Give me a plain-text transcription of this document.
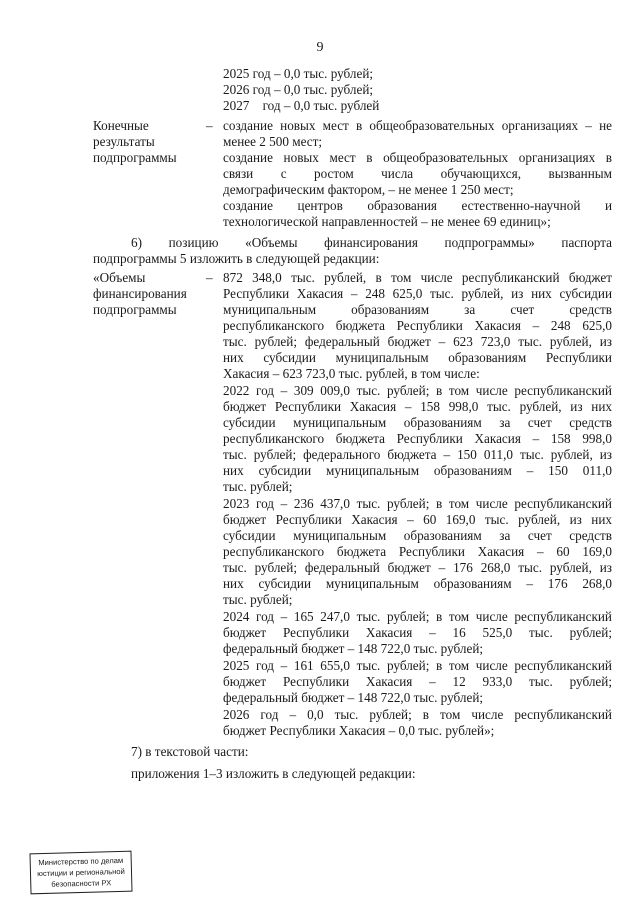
9
2025 год – 0,0 тыс. рублей;
2026 год – 0,0 тыс. рублей;
2027    год – 0,0 тыс. рублей
Конечные
результаты
подпрограммы
– создание новых мест в общеобразовательных организациях – не
менее 2 500 мест;
создание новых мест в общеобразовательных организациях в
связи с ростом числа обучающихся, вызванным
демографическим фактором, – не менее 1 250 мест;
создание центров образования естественно-научной и
технологической направленностей – не менее 69 единиц»;
6) позицию «Объемы финансирования подпрограммы» паспорта
подпрограммы 5 изложить в следующей редакции:
«Объемы
финансирования
подпрограммы
– 872 348,0 тыс. рублей, в том числе республиканский бюджет
Республики Хакасия – 248 625,0 тыс. рублей, из них субсидии
муниципальным образованиям за счет средств
республиканского бюджета Республики Хакасия – 248 625,0
тыс. рублей; федеральный бюджет – 623 723,0 тыс. рублей, из
них субсидии муниципальным образованиям Республики
Хакасия – 623 723,0 тыс. рублей, в том числе:
2022 год – 309 009,0 тыс. рублей; в том числе республиканский
бюджет Республики Хакасия – 158 998,0 тыс. рублей, из них
субсидии муниципальным образованиям за счет средств
республиканского бюджета Республики Хакасия – 158 998,0
тыс. рублей; федерального бюджета – 150 011,0 тыс. рублей, из
них субсидии муниципальным образованиям – 150 011,0
тыс. рублей;
2023 год – 236 437,0 тыс. рублей; в том числе республиканский
бюджет Республики Хакасия – 60 169,0 тыс. рублей, из них
субсидии муниципальным образованиям за счет средств
республиканского бюджета Республики Хакасия – 60 169,0
тыс. рублей; федеральный бюджет – 176 268,0 тыс. рублей, из
них субсидии муниципальным образованиям – 176 268,0
тыс. рублей;
2024 год – 165 247,0 тыс. рублей; в том числе республиканский
бюджет Республики Хакасия – 16 525,0 тыс. рублей;
федеральный бюджет – 148 722,0 тыс. рублей;
2025 год – 161 655,0 тыс. рублей; в том числе республиканский
бюджет Республики Хакасия – 12 933,0 тыс. рублей;
федеральный бюджет – 148 722,0 тыс. рублей;
2026 год – 0,0 тыс. рублей; в том числе республиканский
бюджет Республики Хакасия – 0,0 тыс. рублей»;
7) в текстовой части:
приложения 1–3 изложить в следующей редакции:
Министерство по делам
юстиции и региональной
безопасности РХ
